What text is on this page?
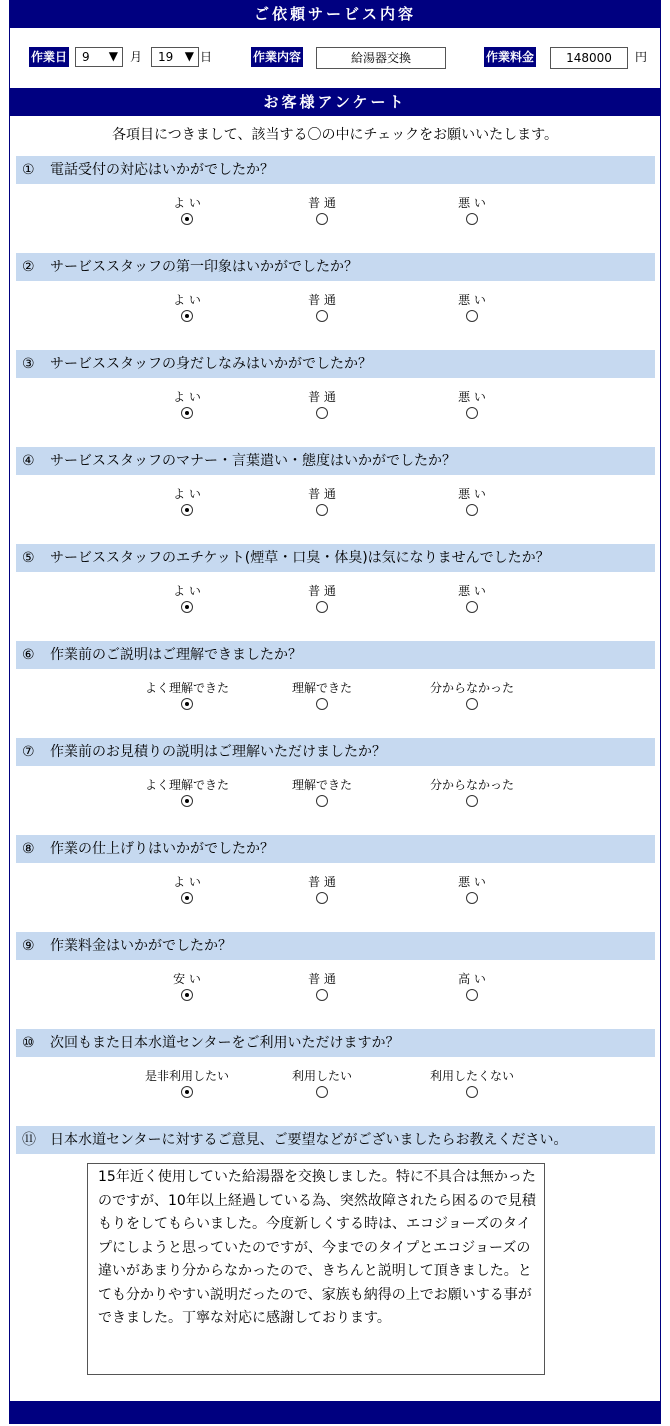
ご依頼サービス内容
作業日 9 ▼ 月 19 ▼ 日	作業内容	給湯器交換	作業料金	148000	円
お客様アンケート
各項目につきまして、該当する〇の中にチェックをお願いいたします。
① 電話受付の対応はいかがでしたか？
よ い	普 通	悪 い
② サービススタッフの第一印象はいかがでしたか？
よ い	普 通	悪 い
③ サービススタッフの身だしなみはいかがでしたか？
よ い	普 通	悪 い
④ サービススタッフのマナー・言葉遣い・態度はいかがでしたか？
よ い	普 通	悪 い
⑤ サービススタッフのエチケット(煙草・口臭・体臭)は気になりませんでしたか？
よ い	普 通	悪 い
⑥ 作業前のご説明はご理解できましたか？
よく理解できた	理解できた	分からなかった
⑦ 作業前のお見積りの説明はご理解いただけましたか？
よく理解できた	理解できた	分からなかった
⑧ 作業の仕上げりはいかがでしたか？
よ い	普 通	悪 い
⑨ 作業料金はいかがでしたか？
安 い	普 通	高 い
⑩ 次回もまた日本水道センターをご利用いただけますか？
是非利用したい	利用したい	利用したくない
⑪ 日本水道センターに対するご意見、ご要望などがございましたらお教えください。
15年近く使用していた給湯器を交換しました。特に不具合は無かったのですが、10年以上経過している為、突然故障されたら困るので見積もりをしてもらいました。今度新しくする時は、エコジョーズのタイプにしようと思っていたのですが、今までのタイプとエコジョーズの違いがあまり分からなかったので、きちんと説明して頂きました。とても分かりやすい説明だったので、家族も納得の上でお願いする事ができました。丁寧な対応に感謝しております。
